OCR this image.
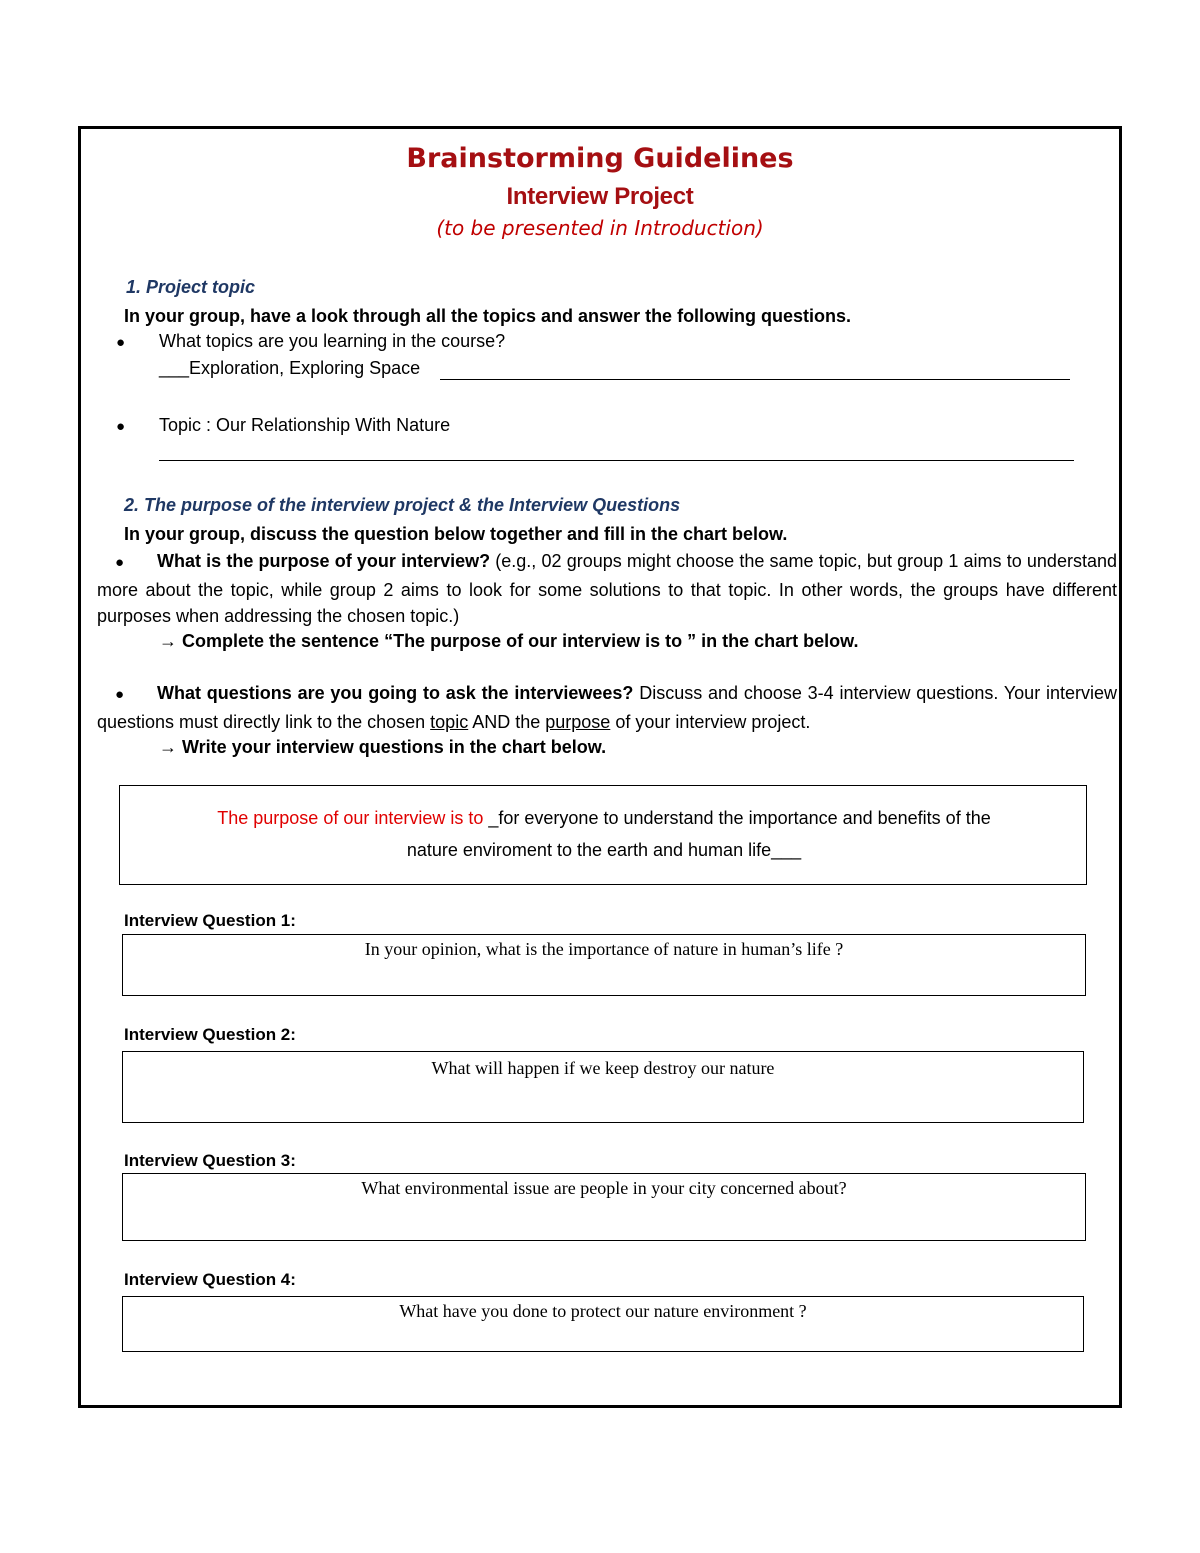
Brainstorming Guidelines
Interview Project
(to be presented in Introduction)
1. Project topic
In your group, have a look through all the topics and answer the following questions.
● What topics are you learning in the course?
___Exploration, Exploring Space
● Topic : Our Relationship With Nature
2. The purpose of the interview project & the Interview Questions
In your group, discuss the question below together and fill in the chart below.
● What is the purpose of your interview? (e.g., 02 groups might choose the same topic, but group 1 aims to understand more about the topic, while group 2 aims to look for some solutions to that topic. In other words, the groups have different purposes when addressing the chosen topic.)
→ Complete the sentence “The purpose of our interview is to ” in the chart below.
● What questions are you going to ask the interviewees? Discuss and choose 3-4 interview questions. Your interview questions must directly link to the chosen topic AND the purpose of your interview project.
→ Write your interview questions in the chart below.
The purpose of our interview is to _for everyone to understand the importance and benefits of the
nature enviroment to the earth and human life___
Interview Question 1:
In your opinion, what is the importance of nature in human’s life ?
Interview Question 2:
What will happen if we keep destroy our nature
Interview Question 3:
What environmental issue are people in your city concerned about?
Interview Question 4:
What have you done to protect our nature environment ?
